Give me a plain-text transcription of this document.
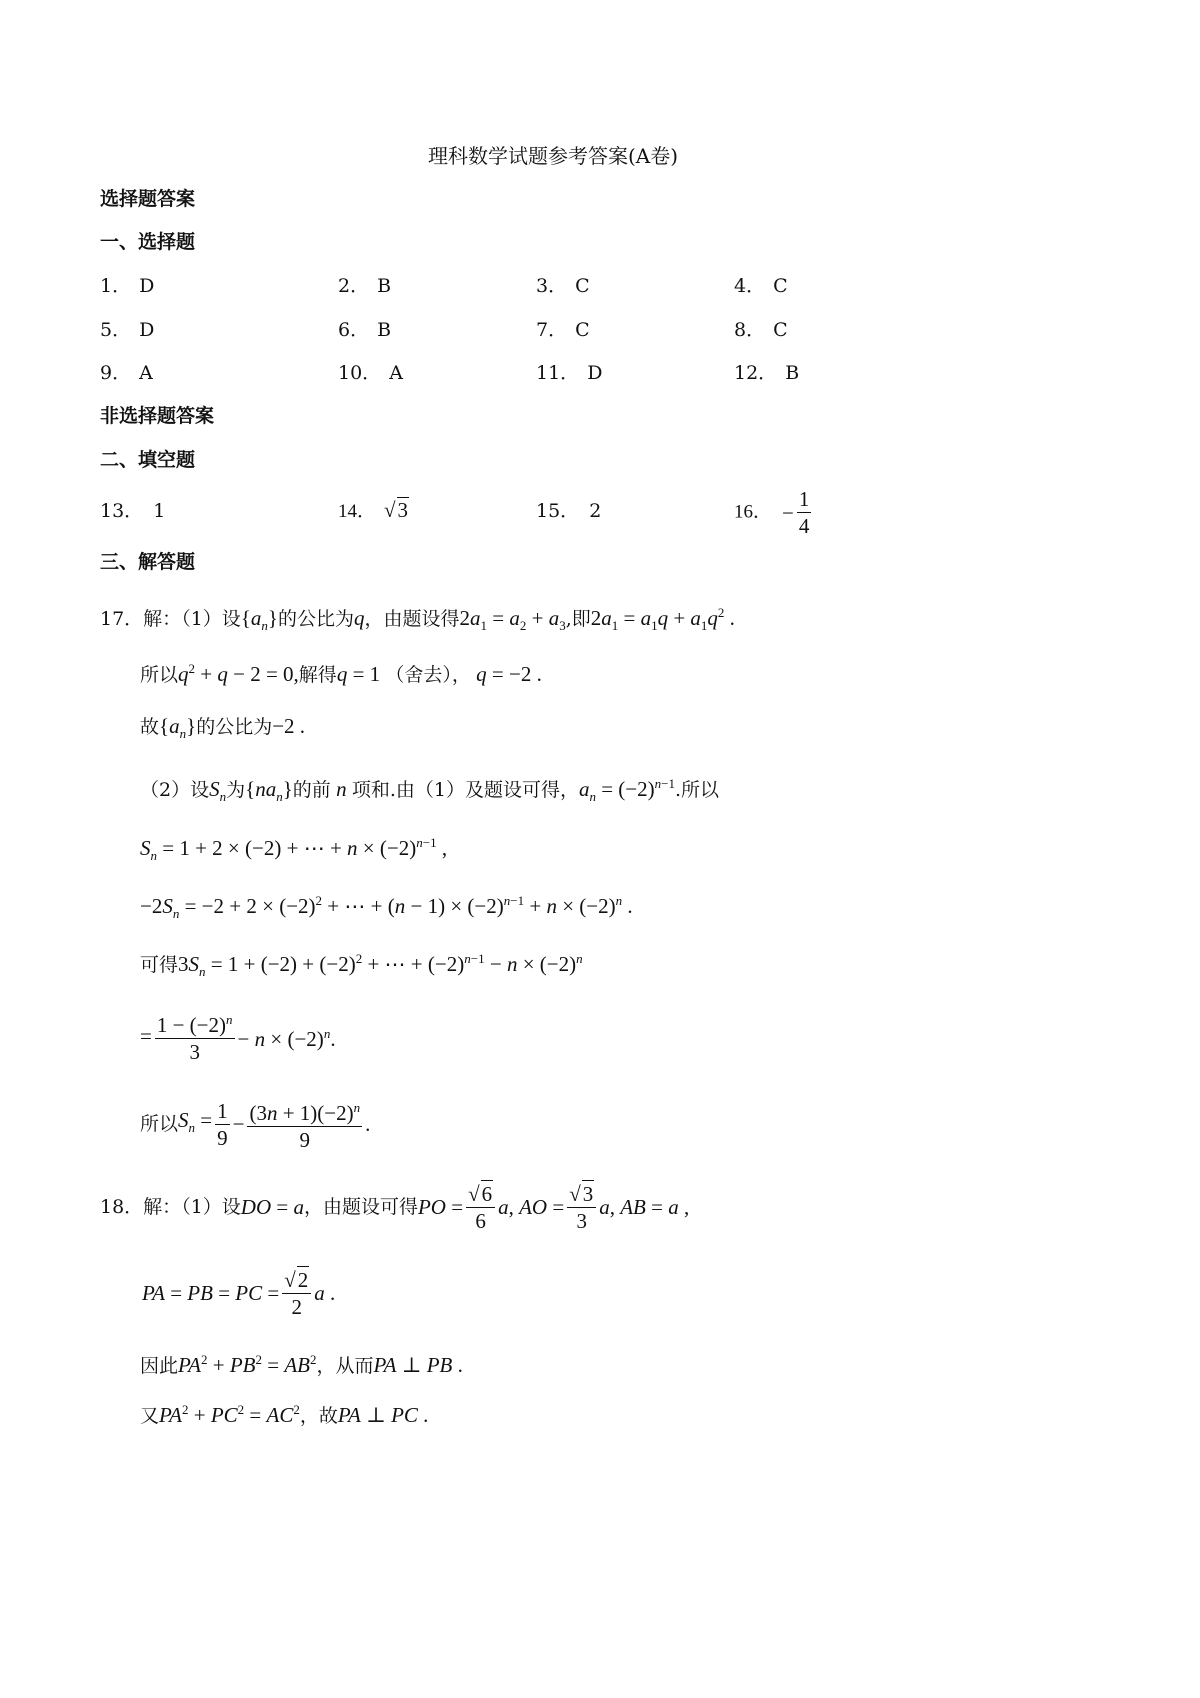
理科数学试题参考答案(A卷)
选择题答案
一、选择题
1． D	2． B	3． C	4． C
5． D	6． B	7． C	8． C
9． A	10． A	11． D	12． B
非选择题答案
二、填空题
13． 1	14． √3	15． 2	16． − $\frac{1}{4}$
三、解答题
17．解：（1）设$\{a_n\}$的公比为q，由题设得$2a_1 = a_2 + a_3$,即$2a_1 = a_1q + a_1q^2$ .
所以$q^2 + q - 2 = 0$,解得q = 1 （舍去）， q = −2 .
故$\{a_n\}$的公比为−2 .
（2）设$S_n$为$\{na_n\}$的前 n 项和.由（1）及题设可得，$a_n = (-2)^{n-1}$.所以
$S_n = 1 + 2 \times (-2)$ + ⋯ + $n \times (-2)^{n-1}$ ,
$-2S_n = -2 + 2 \times (-2)^2$ + ⋯ + $(n - 1) \times (-2)^{n-1} + n \times (-2)^n$ .
可得$3S_n = 1 + (-2) + (-2)^2$ + ⋯ + $(-2)^{n-1} - n \times (-2)^n$
= $\frac{1 - (-2)^n}{3} - n \times (-2)^n$.
所以$S_n = \frac{1}{9} - \frac{(3n + 1)(-2)^n}{9}$ .
18．解：（1）设DO = a，由题设可得PO = $\frac{√6}{6} a$, AO = $\frac{√3}{3} a$, AB = a ,
PA = PB = PC = $\frac{√2}{2}$ a .
因此$PA^2 + PB^2 = AB^2$，从而PA ⊥ PB .
又$PA^2 + PC^2 = AC^2$，故PA ⊥ PC .
